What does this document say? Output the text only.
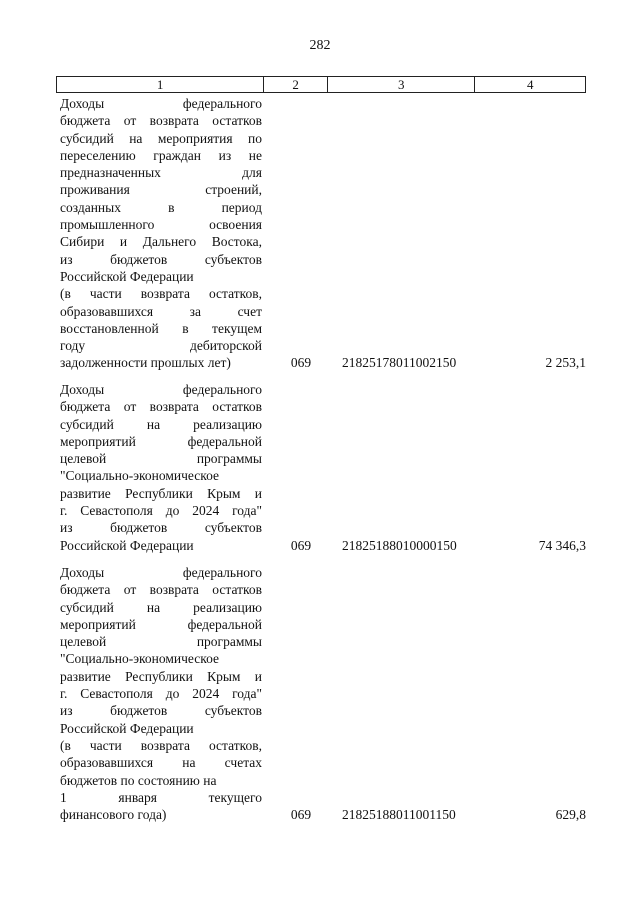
282
1	2	3	4
Доходы федерального
бюджета от возврата остатков
субсидий на мероприятия по
переселению граждан из не
предназначенных для
проживания строений,
созданных в период
промышленного освоения
Сибири и Дальнего Востока,
из бюджетов субъектов
Российской Федерации
(в части возврата остатков,
образовавшихся за счет
восстановленной в текущем
году дебиторской
задолженности прошлых лет)	069	21825178011002150	2 253,1
Доходы федерального
бюджета от возврата остатков
субсидий на реализацию
мероприятий федеральной
целевой программы
"Социально-экономическое
развитие Республики Крым и
г. Севастополя до 2024 года"
из бюджетов субъектов
Российской Федерации	069	21825188010000150	74 346,3
Доходы федерального
бюджета от возврата остатков
субсидий на реализацию
мероприятий федеральной
целевой программы
"Социально-экономическое
развитие Республики Крым и
г. Севастополя до 2024 года"
из бюджетов субъектов
Российской Федерации
(в части возврата остатков,
образовавшихся на счетах
бюджетов по состоянию на
1 января текущего
финансового года)	069	21825188011001150	629,8
